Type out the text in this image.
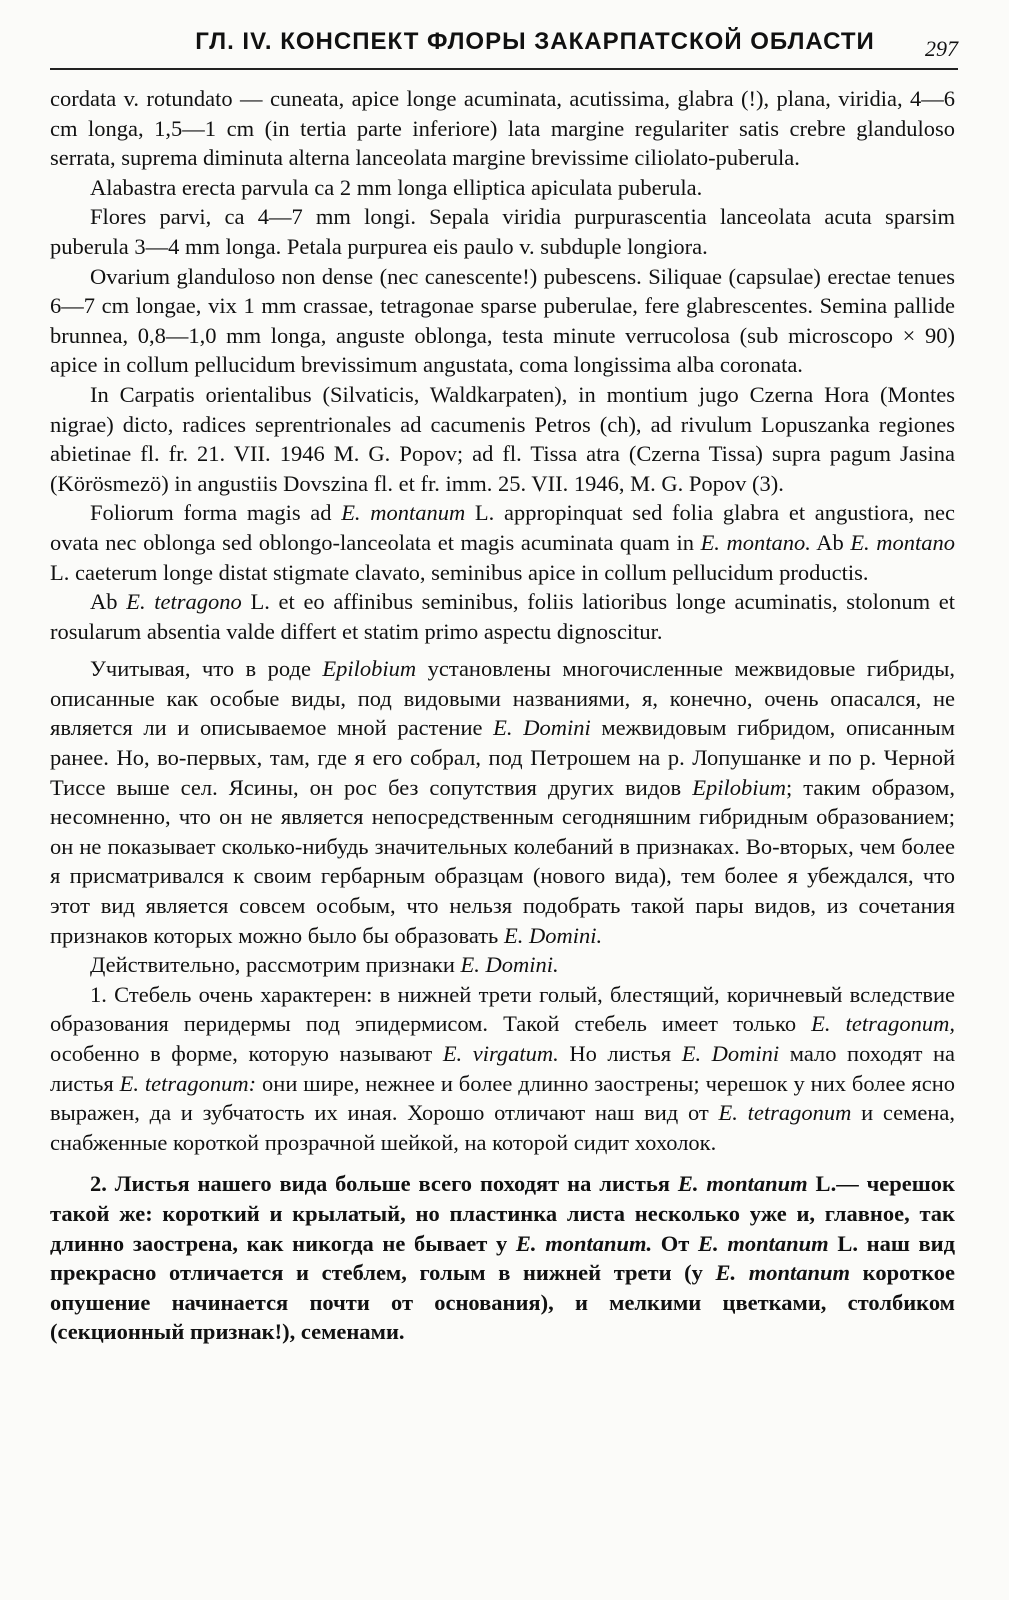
ГЛ. IV. КОНСПЕКТ ФЛОРЫ ЗАКАРПАТСКОЙ ОБЛАСТИ 297

cordata v. rotundato — cuneata, apice longe acuminata, acutissima, glabra (!), plana, viridia, 4—6 cm longa, 1,5—1 cm (in tertia parte inferiore) lata margine regulariter satis crebre glanduloso serrata, suprema diminuta alterna lanceolata margine brevissime ciliolato-puberula.

Alabastra erecta parvula ca 2 mm longa elliptica apiculata puberula.

Flores parvi, ca 4—7 mm longi. Sepala viridia purpurascentia lanceolata acuta sparsim puberula 3—4 mm longa. Petala purpurea eis paulo v. subduple longiora.

Ovarium glanduloso non dense (nec canescente!) pubescens. Siliquae (capsulae) erectae tenues 6—7 cm longae, vix 1 mm crassae, tetragonae sparse puberulae, fere glabrescentes. Semina pallide brunnea, 0,8—1,0 mm longa, anguste oblonga, testa minute verrucolosa (sub microscopo × 90) apice in collum pellucidum brevissimum angustata, coma longissima alba coronata.

In Carpatis orientalibus (Silvaticis, Waldkarpaten), in montium jugo Czerna Hora (Montes nigrae) dicto, radices seprentrionales ad cacumenis Petros (ch), ad rivulum Lopuszanka regiones abietinae fl. fr. 21. VII. 1946 M. G. Popov; ad fl. Tissa atra (Czerna Tissa) supra pagum Jasina (Körösmezö) in angustiis Dovszina fl. et fr. imm. 25. VII. 1946, M. G. Popov (3).

Foliorum forma magis ad E. montanum L. appropinquat sed folia glabra et angustiora, nec ovata nec oblonga sed oblongo-lanceolata et magis acuminata quam in E. montano. Ab E. montano L. caeterum longe distat stigmate clavato, seminibus apice in collum pellucidum productis.

Ab E. tetragono L. et eo affinibus seminibus, foliis latioribus longe acuminatis, stolonum et rosularum absentia valde differt et statim primo aspectu dignoscitur.

Учитывая, что в роде Epilobium установлены многочисленные межвидовые гибриды, описанные как особые виды, под видовыми названиями, я, конечно, очень опасался, не является ли и описываемое мной растение E. Domini межвидовым гибридом, описанным ранее. Но, во-первых, там, где я его собрал, под Петрошем на р. Лопушанке и по р. Черной Тиссе выше сел. Ясины, он рос без сопутствия других видов Epilobium; таким образом, несомненно, что он не является непосредственным сегодняшним гибридным образованием; он не показывает сколько-нибудь значительных колебаний в признаках. Во-вторых, чем более я присматривался к своим гербарным образцам (нового вида), тем более я убеждался, что этот вид является совсем особым, что нельзя подобрать такой пары видов, из сочетания признаков которых можно было бы образовать E. Domini.

Действительно, рассмотрим признаки E. Domini.

1. Стебель очень характерен: в нижней трети голый, блестящий, коричневый вследствие образования перидермы под эпидермисом. Такой стебель имеет только E. tetragonum, особенно в форме, которую называют E. virgatum. Но листья E. Domini мало походят на листья E. tetragonum: они шире, нежнее и более длинно заострены; черешок у них более ясно выражен, да и зубчатость их иная. Хорошо отличают наш вид от E. tetragonum и семена, снабженные короткой прозрачной шейкой, на которой сидит хохолок.

2. Листья нашего вида больше всего походят на листья E. montanum L.— черешок такой же: короткий и крылатый, но пластинка листа несколько уже и, главное, так длинно заострена, как никогда не бывает у E. montanum. От E. montanum L. наш вид прекрасно отличается и стеблем, голым в нижней трети (у E. montanum короткое опушение начинается почти от основания), и мелкими цветками, столбиком (секционный признак!), семенами.
